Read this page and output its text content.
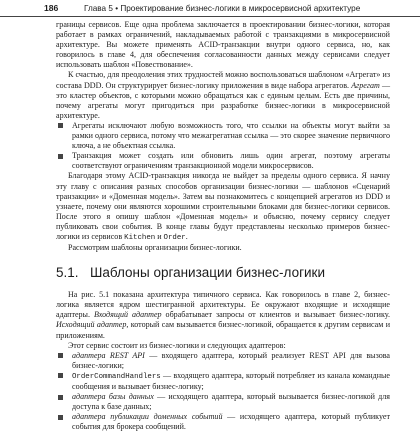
186	Глава 5 • Проектирование бизнес-логики в микросервисной архитектуре

границы сервисов. Еще одна проблема заключается в проектировании бизнес-логики, которая работает в рамках ограничений, накладываемых работой с транзакциями в микросервисной архитектуре. Вы можете применять ACID-транзакции внутри одного сервиса, но, как говорилось в главе 4, для обеспечения согласованности данных между сервисами следует использовать шаблон «Повествование».

К счастью, для преодоления этих трудностей можно воспользоваться шаблоном «Агрегат» из состава DDD. Он структурирует бизнес-логику приложения в виде набора агрегатов. Агрегат — это кластер объектов, с которыми можно обращаться как с единым целым. Есть две причины, почему агрегаты могут пригодиться при разработке бизнес-логики в микросервисной архитектуре.

Агрегаты исключают любую возможность того, что ссылки на объекты могут выйти за рамки одного сервиса, потому что межагрегатная ссылка — это скорее значение первичного ключа, а не объектная ссылка.

Транзакция может создать или обновить лишь один агрегат, поэтому агрегаты соответствуют ограничениям транзакционной модели микросервисов.

Благодаря этому ACID-транзакция никогда не выйдет за пределы одного сервиса. Я начну эту главу с описания разных способов организации бизнес-логики — шаблонов «Сценарий транзакции» и «Доменная модель». Затем вы познакомитесь с концепцией агрегатов из DDD и узнаете, почему они являются хорошими строительными блоками для бизнес-логики сервисов. После этого я опишу шаблон «Доменная модель» и объясню, почему сервису следует публиковать свои события. В конце главы будут представлены несколько примеров бизнес-логики из сервисов Kitchen и Order.

Рассмотрим шаблоны организации бизнес-логики.

5.1. Шаблоны организации бизнес-логики

На рис. 5.1 показана архитектура типичного сервиса. Как говорилось в главе 2, бизнес-логика является ядром шестигранной архитектуры. Ее окружают входящие и исходящие адаптеры. Входящий адаптер обрабатывает запросы от клиентов и вызывает бизнес-логику. Исходящий адаптер, который сам вызывается бизнес-логикой, обращается к другим сервисам и приложениям.

Этот сервис состоит из бизнес-логики и следующих адаптеров:

адаптера REST API — входящего адаптера, который реализует REST API для вызова бизнес-логики;

OrderCommandHandlers — входящего адаптера, который потребляет из канала командные сообщения и вызывает бизнес-логику;

адаптера базы данных — исходящего адаптера, который вызывается бизнес-логикой для доступа к базе данных;

адаптера публикации доменных событий — исходящего адаптера, который публикует события для брокера сообщений.
